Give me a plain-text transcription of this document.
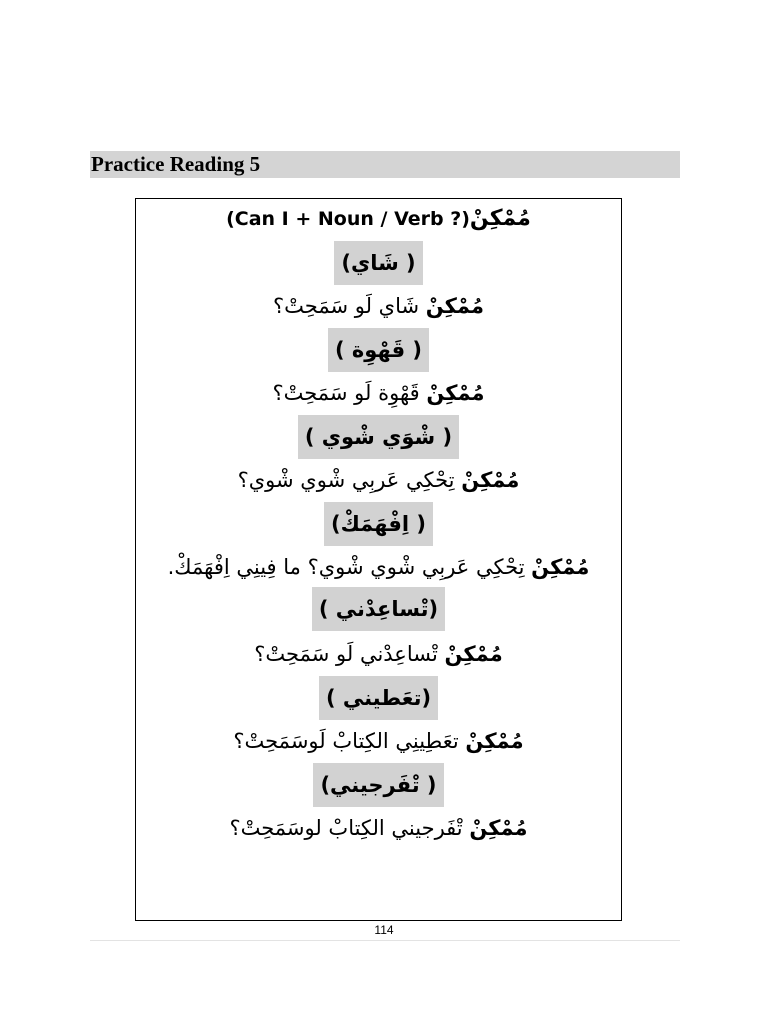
Practice Reading 5
(Can I + Noun / Verb ?)مُمْكِنْ
( شَاي)
مُمْكِنْ شَاي لَو سَمَحِتْ؟
( قَهْوِة )
مُمْكِنْ قَهْوِة لَو سَمَحِتْ؟
( شْوَي شْوي )
مُمْكِنْ تِحْكِي عَربِي شْوي شْوي؟
( اِفْهَمَكْ)
مُمْكِنْ تِحْكِي عَربِي شْوي شْوي؟ ما فِينِي اِفْهَمَكْ.
(تْساعِدْني )
مُمْكِنْ تْساعِدْني لَو سَمَحِتْ؟
(تعَطيني )
مُمْكِنْ تعَطِينِي الكِتابْ لَوسَمَحِتْ؟
( تْفَرجيني)
مُمْكِنْ تْفَرجيني الكِتابْ لوسَمَحِتْ؟
114
